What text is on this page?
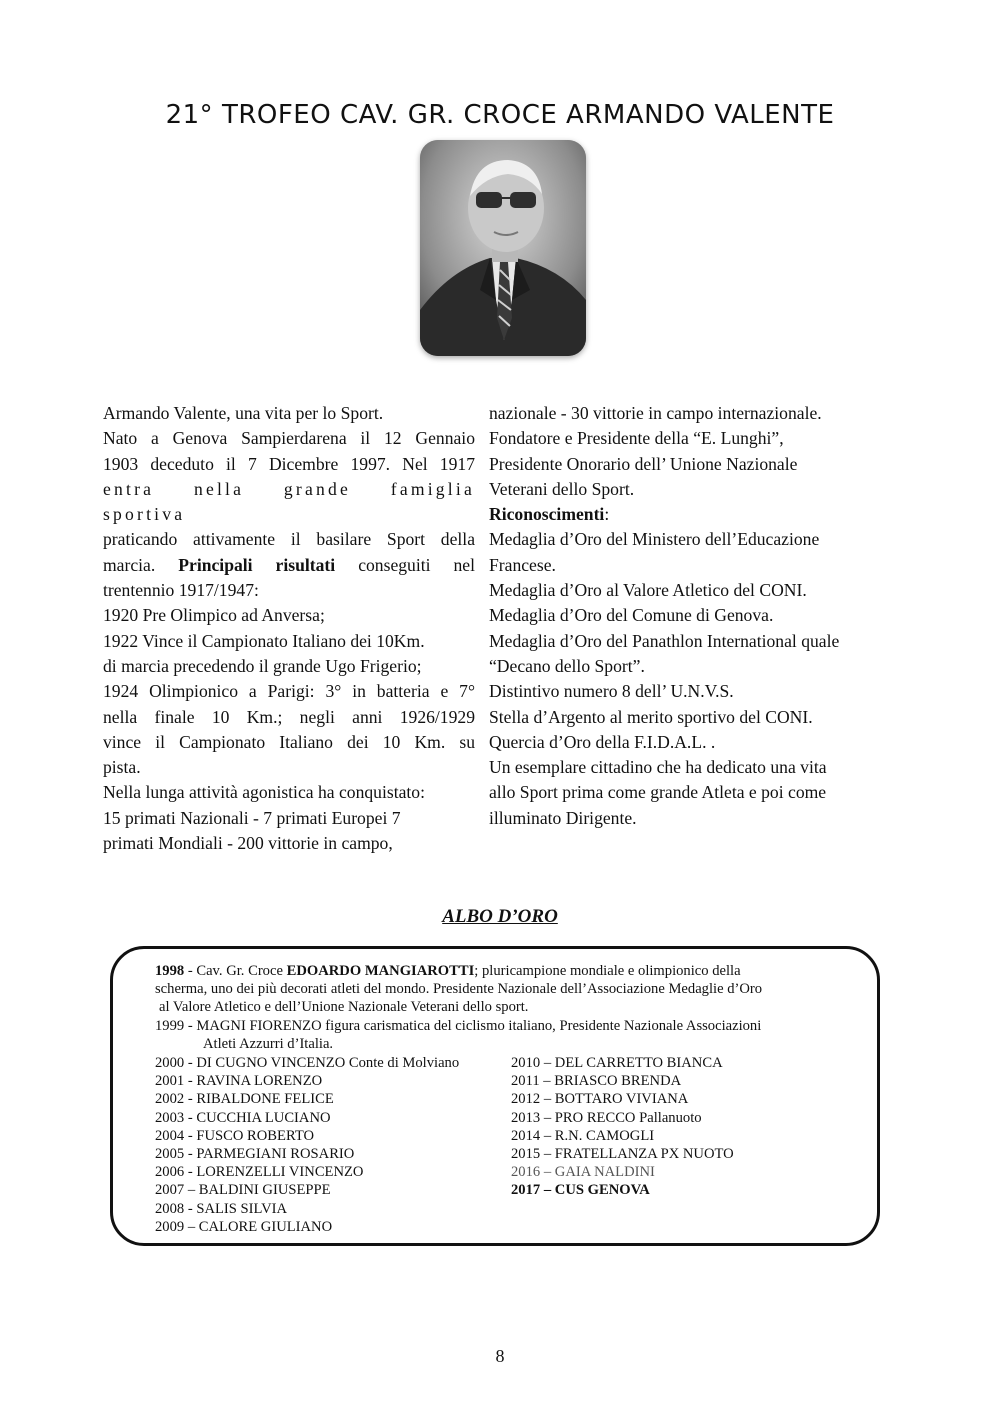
21° TROFEO CAV. GR. CROCE ARMANDO VALENTE

Armando Valente, una vita per lo Sport.

Nato a Genova Sampierdarena il 12 Gennaio

1903 deceduto il 7 Dicembre 1997. Nel 1917

entra nella grande famiglia sportiva

praticando attivamente il basilare Sport della

marcia. Principali risultati conseguiti nel

trentennio 1917/1947:

1920 Pre Olimpico ad Anversa;

1922 Vince il Campionato Italiano dei 10Km.

di marcia precedendo il grande Ugo Frigerio;

1924 Olimpionico a Parigi: 3° in batteria e 7°

nella finale 10 Km.; negli anni 1926/1929

vince il Campionato Italiano dei 10 Km. su

pista.

Nella lunga attività agonistica ha conquistato:

15 primati Nazionali - 7 primati Europei 7

primati Mondiali - 200 vittorie in campo,

nazionale - 30 vittorie in campo internazionale.

Fondatore e Presidente della “E. Lunghi”,

Presidente Onorario dell’ Unione Nazionale

Veterani dello Sport.

Riconoscimenti:

Medaglia d’Oro del Ministero dell’Educazione

Francese.

Medaglia d’Oro al Valore Atletico del CONI.

Medaglia d’Oro del Comune di Genova.

Medaglia d’Oro del Panathlon International quale

“Decano dello Sport”.

Distintivo numero 8 dell’ U.N.V.S.

Stella d’Argento al merito sportivo del CONI.

Quercia d’Oro della F.I.D.A.L. .

Un esemplare cittadino che ha dedicato una vita

allo Sport prima come grande Atleta e poi come

illuminato Dirigente.

ALBO D’ORO

1998 - Cav. Gr. Croce EDOARDO MANGIAROTTI; pluricampione mondiale e olimpionico della

scherma, uno dei più decorati atleti del mondo. Presidente Nazionale dell’Associazione Medaglie d’Oro

al Valore Atletico e dell’Unione Nazionale Veterani dello sport.

1999 - MAGNI FIORENZO figura carismatica del ciclismo italiano, Presidente Nazionale Associazioni

Atleti Azzurri d’Italia.

2000 - DI CUGNO VINCENZO Conte di Molviano
2001 - RAVINA LORENZO
2002 - RIBALDONE FELICE
2003 - CUCCHIA LUCIANO
2004 - FUSCO ROBERTO
2005 - PARMEGIANI ROSARIO
2006 - LORENZELLI VINCENZO
2007 – BALDINI GIUSEPPE
2008 - SALIS SILVIA
2009 – CALORE GIULIANO
2010 – DEL CARRETTO BIANCA
2011 – BRIASCO BRENDA
2012 – BOTTARO VIVIANA
2013 – PRO RECCO Pallanuoto
2014 – R.N. CAMOGLI
2015 – FRATELLANZA PX NUOTO
2016 – GAIA NALDINI
2017 – CUS GENOVA
8
